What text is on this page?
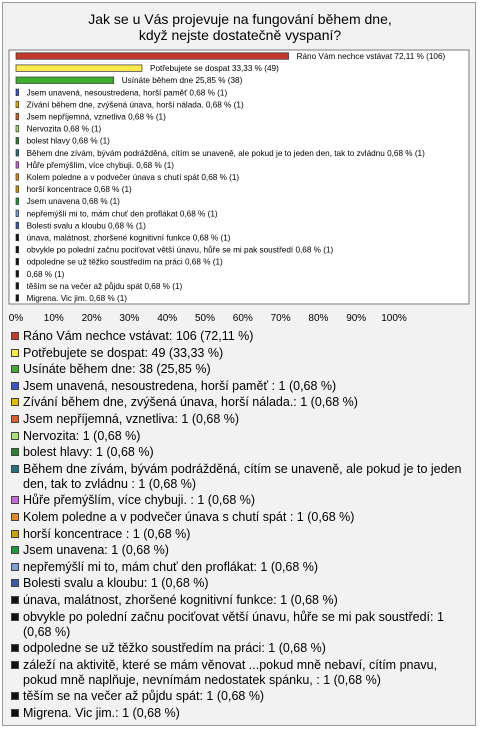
Jak se u Vás projevuje na fungování během dne,
když nejste dostatečně vyspaní?
Ráno Vám nechce vstávat 72,11 % (106)
Potřebujete se dospat 33,33 % (49)
Usínáte během dne 25,85 % (38)
Jsem unavená, nesoustredena, horší paměť 0,68 % (1)
Zívání během dne, zvýšená únava, horší nálada. 0,68 % (1)
Jsem nepříjemná, vznetliva 0,68 % (1)
Nervozita 0,68 % (1)
bolest hlavy 0,68 % (1)
Během dne zívám, bývám podrážděná, cítím se unaveně, ale pokud je to jeden den, tak to zvládnu 0,68 % (1)
Hůře přemýšlím, více chybuji. 0,68 % (1)
Kolem poledne a v podvečer únava s chutí spát 0,68 % (1)
horší koncentrace 0,68 % (1)
Jsem unavena 0,68 % (1)
nepřemýšlí mi to, mám chuť den proflákat 0,68 % (1)
Bolesti svalu a kloubu 0,68 % (1)
únava, malátnost, zhoršené kognitivní funkce 0,68 % (1)
obvykle po polední začnu pociťovat větší únavu, hůře se mi pak soustředí 0,68 % (1)
odpoledne se už těžko soustředím na práci 0,68 % (1)
0,68 % (1)
těším se na večer až půjdu spát 0,68 % (1)
Migrena. Vic jim. 0,68 % (1)
0% 10% 20% 30% 40% 50% 60% 70% 80% 90% 100%
Ráno Vám nechce vstávat: 106 (72,11 %)
Potřebujete se dospat: 49 (33,33 %)
Usínáte během dne: 38 (25,85 %)
Jsem unavená, nesoustredena, horší paměť : 1 (0,68 %)
Zívání během dne, zvýšená únava, horší nálada.: 1 (0,68 %)
Jsem nepříjemná, vznetliva: 1 (0,68 %)
Nervozita: 1 (0,68 %)
bolest hlavy: 1 (0,68 %)
Během dne zívám, bývám podrážděná, cítím se unaveně, ale pokud je to jeden den, tak to zvládnu : 1 (0,68 %)
Hůře přemýšlím, více chybuji. : 1 (0,68 %)
Kolem poledne a v podvečer únava s chutí spát : 1 (0,68 %)
horší koncentrace : 1 (0,68 %)
Jsem unavena: 1 (0,68 %)
nepřemýšlí mi to, mám chuť den proflákat: 1 (0,68 %)
Bolesti svalu a kloubu: 1 (0,68 %)
únava, malátnost, zhoršené kognitivní funkce: 1 (0,68 %)
obvykle po polední začnu pociťovat větší únavu, hůře se mi pak soustředí: 1 (0,68 %)
odpoledne se už těžko soustředím na práci: 1 (0,68 %)
záleží na aktivitě, které se mám věnovat ...pokud mně nebaví, cítím pnavu, pokud mně naplňuje, nevnímám nedostatek spánku, : 1 (0,68 %)
těším se na večer až půjdu spát: 1 (0,68 %)
Migrena. Vic jim.: 1 (0,68 %)
